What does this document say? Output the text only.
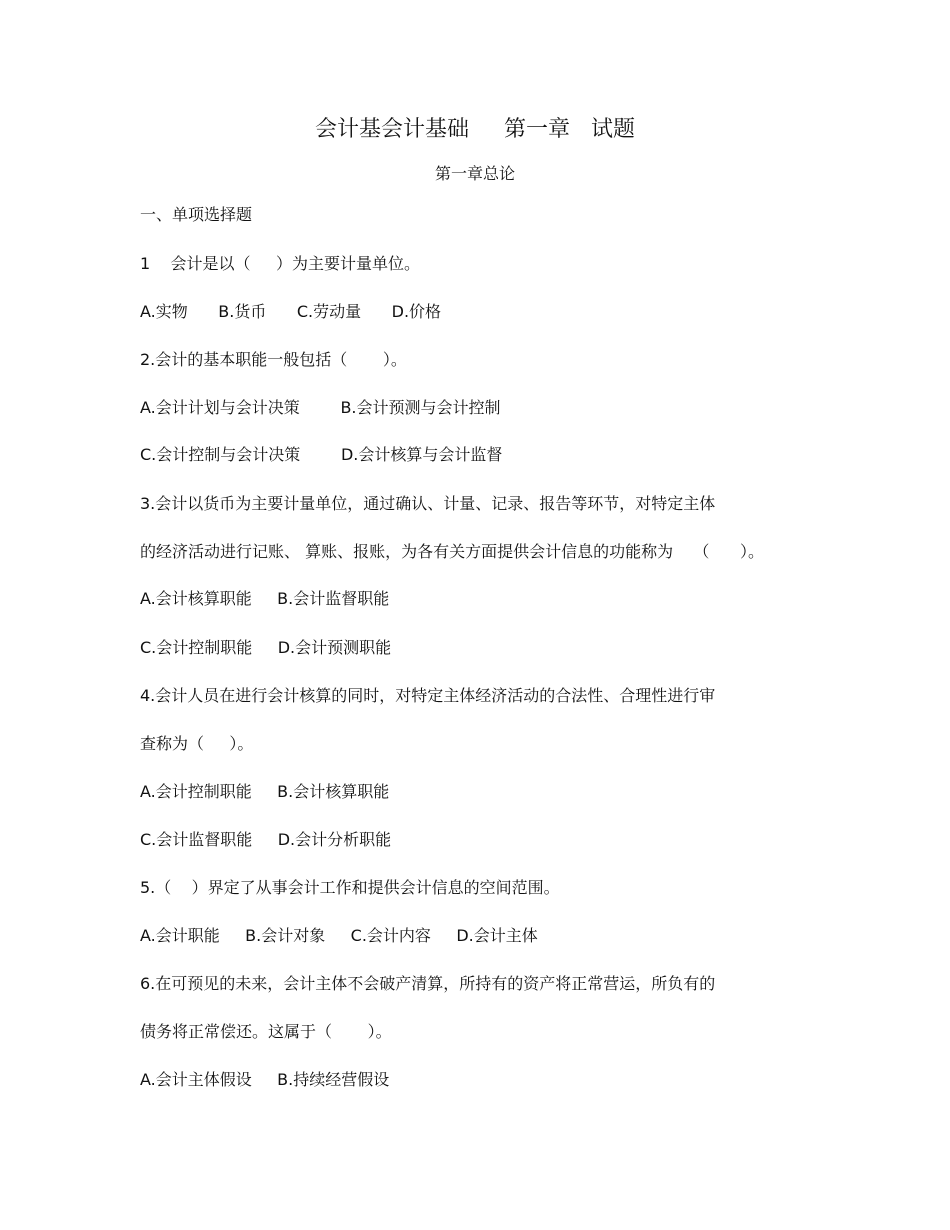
会计基会计基础     第一章   试题
第一章总论
一、单项选择题
1    会计是以（     ）为主要计量单位。
A.实物      B.货币      C.劳动量      D.价格
2.会计的基本职能一般包括（       ）。
A.会计计划与会计决策        B.会计预测与会计控制
C.会计控制与会计决策        D.会计核算与会计监督
3.会计以货币为主要计量单位，通过确认、计量、记录、报告等环节，对特定主体
的经济活动进行记账、 算账、报账，为各有关方面提供会计信息的功能称为    （      ）。
A.会计核算职能     B.会计监督职能
C.会计控制职能     D.会计预测职能
4.会计人员在进行会计核算的同时，对特定主体经济活动的合法性、合理性进行审
查称为（     ）。
A.会计控制职能     B.会计核算职能
C.会计监督职能     D.会计分析职能
5.（    ）界定了从事会计工作和提供会计信息的空间范围。
A.会计职能     B.会计对象     C.会计内容     D.会计主体
6.在可预见的未来，会计主体不会破产清算，所持有的资产将正常营运，所负有的
债务将正常偿还。这属于（       ）。
A.会计主体假设     B.持续经营假设
